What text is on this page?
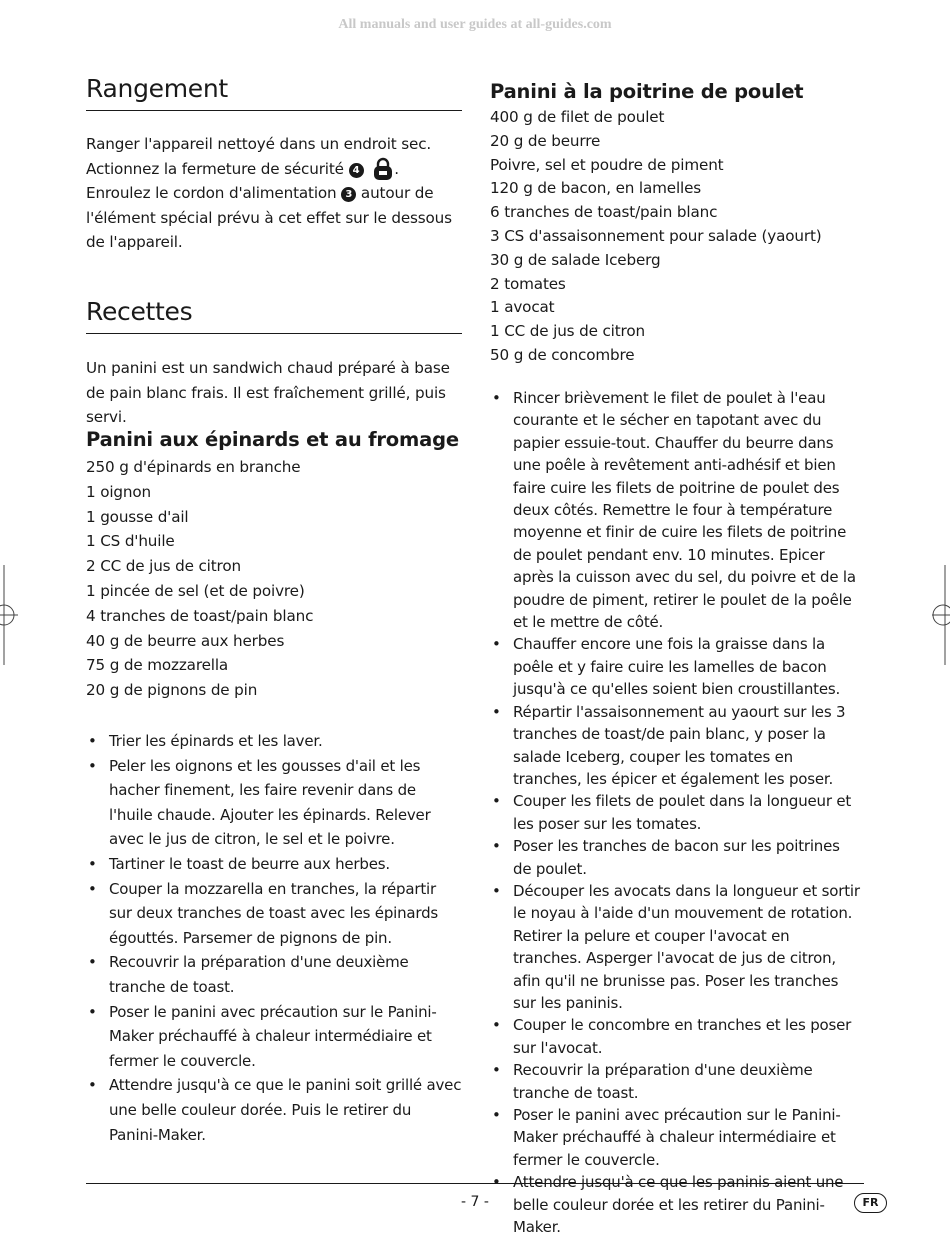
All manuals and user guides at all-guides.com
Rangement
Ranger l'appareil nettoyé dans un endroit sec.
Actionnez la fermeture de sécurité 4 .
Enroulez le cordon d'alimentation 3 autour de
l'élément spécial prévu à cet effet sur le dessous
de l'appareil.
Recettes
Un panini est un sandwich chaud préparé à base
de pain blanc frais. Il est fraîchement grillé, puis servi.
Panini aux épinards et au fromage
250 g d'épinards en branche
1 oignon
1 gousse d'ail
1 CS d'huile
2 CC de jus de citron
1 pincée de sel (et de poivre)
4 tranches de toast/pain blanc
40 g de beurre aux herbes
75 g de mozzarella
20 g de pignons de pin
• Trier les épinards et les laver.
• Peler les oignons et les gousses d'ail et les hacher finement, les faire revenir dans de l'huile chaude. Ajouter les épinards. Relever avec le jus de citron, le sel et le poivre.
• Tartiner le toast de beurre aux herbes.
• Couper la mozzarella en tranches, la répartir sur deux tranches de toast avec les épinards égouttés. Parsemer de pignons de pin.
• Recouvrir la préparation d'une deuxième tranche de toast.
• Poser le panini avec précaution sur le Panini-Maker préchauffé à chaleur intermédiaire et fermer le couvercle.
• Attendre jusqu'à ce que le panini soit grillé avec une belle couleur dorée. Puis le retirer du Panini-Maker.
Panini à la poitrine de poulet
400 g de filet de poulet
20 g de beurre
Poivre, sel et poudre de piment
120 g de bacon, en lamelles
6 tranches de toast/pain blanc
3 CS d'assaisonnement pour salade (yaourt)
30 g de salade Iceberg
2 tomates
1 avocat
1 CC de jus de citron
50 g de concombre
• Rincer brièvement le filet de poulet à l'eau courante et le sécher en tapotant avec du papier essuie-tout. Chauffer du beurre dans une poêle à revêtement anti-adhésif et bien faire cuire les filets de poitrine de poulet des deux côtés. Remettre le four à température moyenne et finir de cuire les filets de poitrine de poulet pendant env. 10 minutes. Epicer après la cuisson avec du sel, du poivre et de la poudre de piment, retirer le poulet de la poêle et le mettre de côté.
• Chauffer encore une fois la graisse dans la poêle et y faire cuire les lamelles de bacon jusqu'à ce qu'elles soient bien croustillantes.
• Répartir l'assaisonnement au yaourt sur les 3 tranches de toast/de pain blanc, y poser la salade Iceberg, couper les tomates en tranches, les épicer et également les poser.
• Couper les filets de poulet dans la longueur et les poser sur les tomates.
• Poser les tranches de bacon sur les poitrines de poulet.
• Découper les avocats dans la longueur et sortir le noyau à l'aide d'un mouvement de rotation. Retirer la pelure et couper l'avocat en tranches. Asperger l'avocat de jus de citron, afin qu'il ne brunisse pas. Poser les tranches sur les paninis.
• Couper le concombre en tranches et les poser sur l'avocat.
• Recouvrir la préparation d'une deuxième tranche de toast.
• Poser le panini avec précaution sur le Panini-Maker préchauffé à chaleur intermédiaire et fermer le couvercle.
• Attendre jusqu'à ce que les paninis aient une belle couleur dorée et les retirer du Panini-Maker.
- 7 -	FR
